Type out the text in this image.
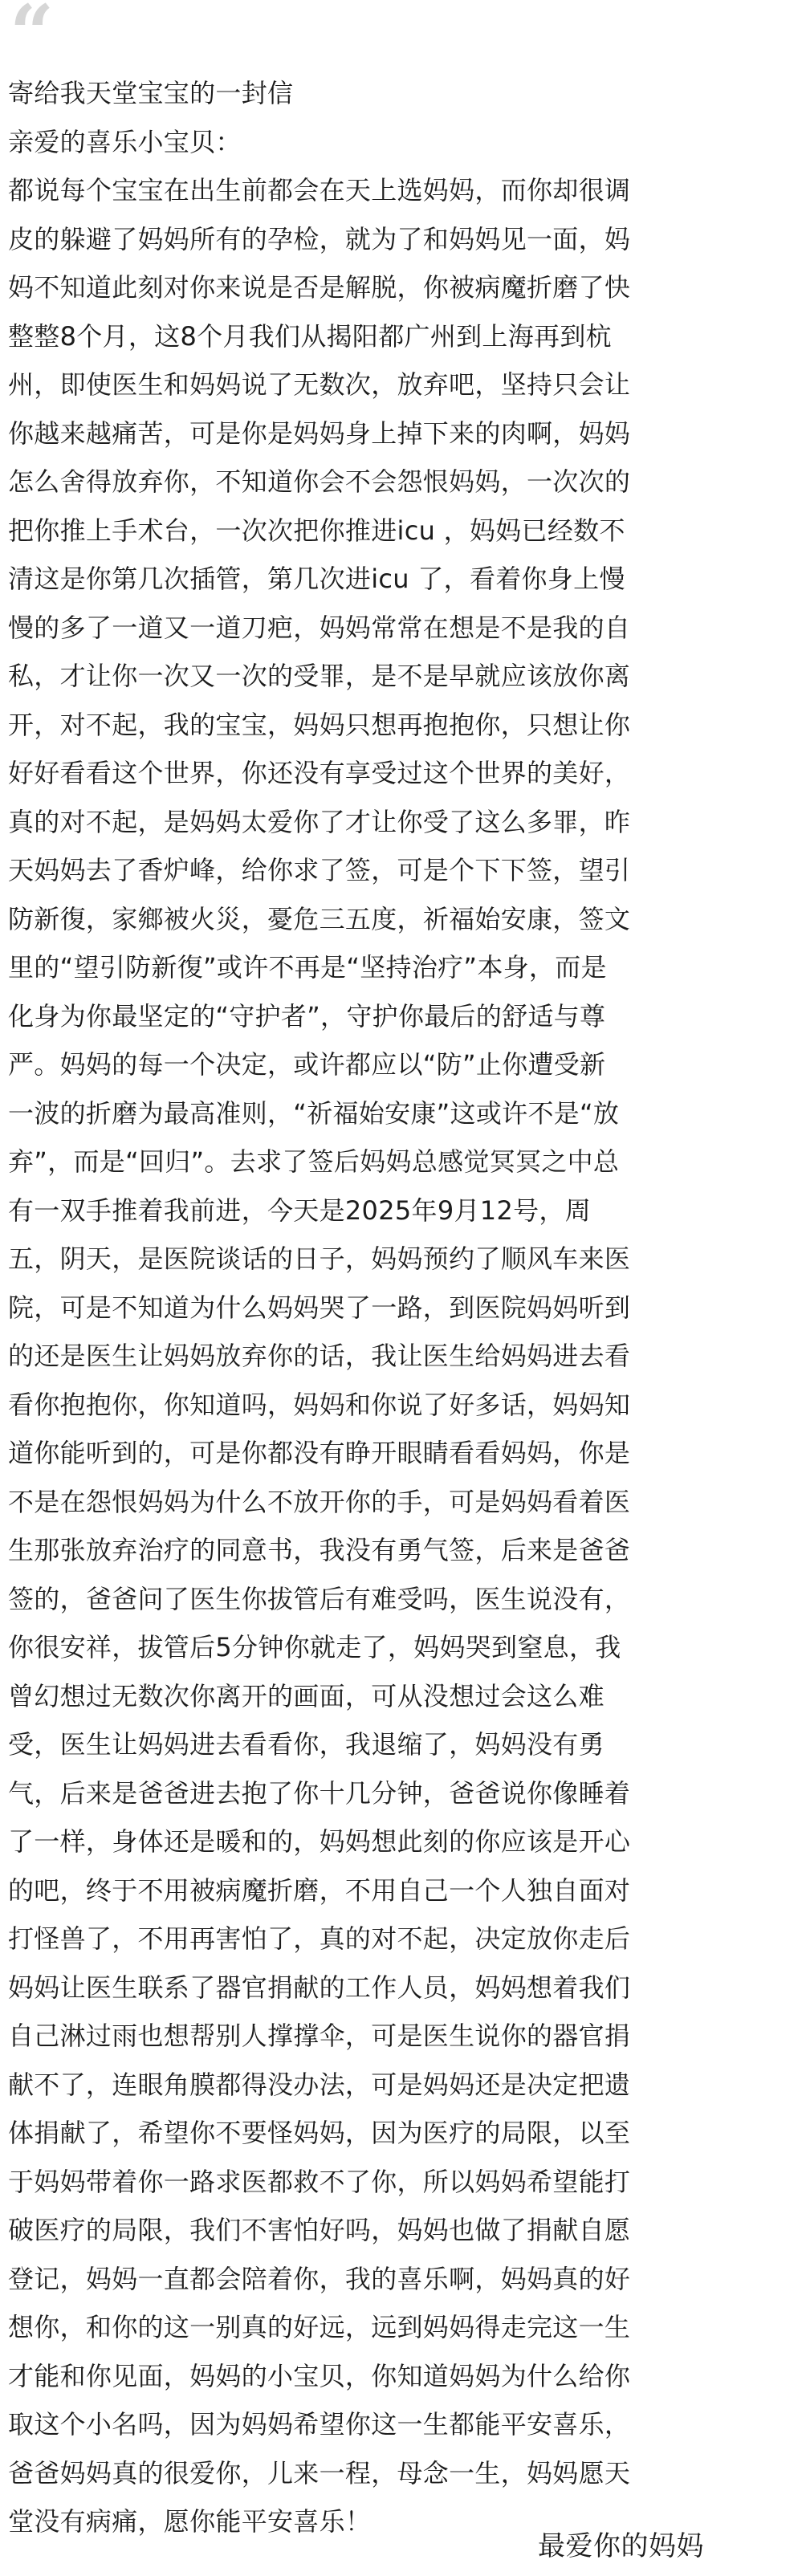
“
寄给我天堂宝宝的一封信
亲爱的喜乐小宝贝：
都说每个宝宝在出生前都会在天上选妈妈，而你却很调
皮的躲避了妈妈所有的孕检，就为了和妈妈见一面，妈
妈不知道此刻对你来说是否是解脱，你被病魔折磨了快
整整8个月，这8个月我们从揭阳都广州到上海再到杭
州，即使医生和妈妈说了无数次，放弃吧，坚持只会让
你越来越痛苦，可是你是妈妈身上掉下来的肉啊，妈妈
怎么舍得放弃你，不知道你会不会怨恨妈妈，一次次的
把你推上手术台，一次次把你推进icu ，妈妈已经数不
清这是你第几次插管，第几次进icu 了，看着你身上慢
慢的多了一道又一道刀疤，妈妈常常在想是不是我的自
私，才让你一次又一次的受罪，是不是早就应该放你离
开，对不起，我的宝宝，妈妈只想再抱抱你，只想让你
好好看看这个世界，你还没有享受过这个世界的美好，
真的对不起，是妈妈太爱你了才让你受了这么多罪，昨
天妈妈去了香炉峰，给你求了签，可是个下下签，望引
防新復，家鄉被火災，憂危三五度，祈福始安康，签文
里的“望引防新復”或许不再是“坚持治疗”本身，而是
化身为你最坚定的“守护者”，守护你最后的舒适与尊
严。妈妈的每一个决定，或许都应以“防”止你遭受新
一波的折磨为最高准则，“祈福始安康”这或许不是“放
弃”，而是“回归”。去求了签后妈妈总感觉冥冥之中总
有一双手推着我前进，今天是2025年9月12号，周
五，阴天，是医院谈话的日子，妈妈预约了顺风车来医
院，可是不知道为什么妈妈哭了一路，到医院妈妈听到
的还是医生让妈妈放弃你的话，我让医生给妈妈进去看
看你抱抱你，你知道吗，妈妈和你说了好多话，妈妈知
道你能听到的，可是你都没有睁开眼睛看看妈妈，你是
不是在怨恨妈妈为什么不放开你的手，可是妈妈看着医
生那张放弃治疗的同意书，我没有勇气签，后来是爸爸
签的，爸爸问了医生你拔管后有难受吗，医生说没有，
你很安祥，拔管后5分钟你就走了，妈妈哭到窒息，我
曾幻想过无数次你离开的画面，可从没想过会这么难
受，医生让妈妈进去看看你，我退缩了，妈妈没有勇
气，后来是爸爸进去抱了你十几分钟，爸爸说你像睡着
了一样，身体还是暖和的，妈妈想此刻的你应该是开心
的吧，终于不用被病魔折磨，不用自己一个人独自面对
打怪兽了，不用再害怕了，真的对不起，决定放你走后
妈妈让医生联系了器官捐献的工作人员，妈妈想着我们
自己淋过雨也想帮别人撑撑伞，可是医生说你的器官捐
献不了，连眼角膜都得没办法，可是妈妈还是决定把遗
体捐献了，希望你不要怪妈妈，因为医疗的局限，以至
于妈妈带着你一路求医都救不了你，所以妈妈希望能打
破医疗的局限，我们不害怕好吗，妈妈也做了捐献自愿
登记，妈妈一直都会陪着你，我的喜乐啊，妈妈真的好
想你，和你的这一别真的好远，远到妈妈得走完这一生
才能和你见面，妈妈的小宝贝，你知道妈妈为什么给你
取这个小名吗，因为妈妈希望你这一生都能平安喜乐，
爸爸妈妈真的很爱你，儿来一程，母念一生，妈妈愿天
堂没有病痛，愿你能平安喜乐！
最爱你的妈妈
